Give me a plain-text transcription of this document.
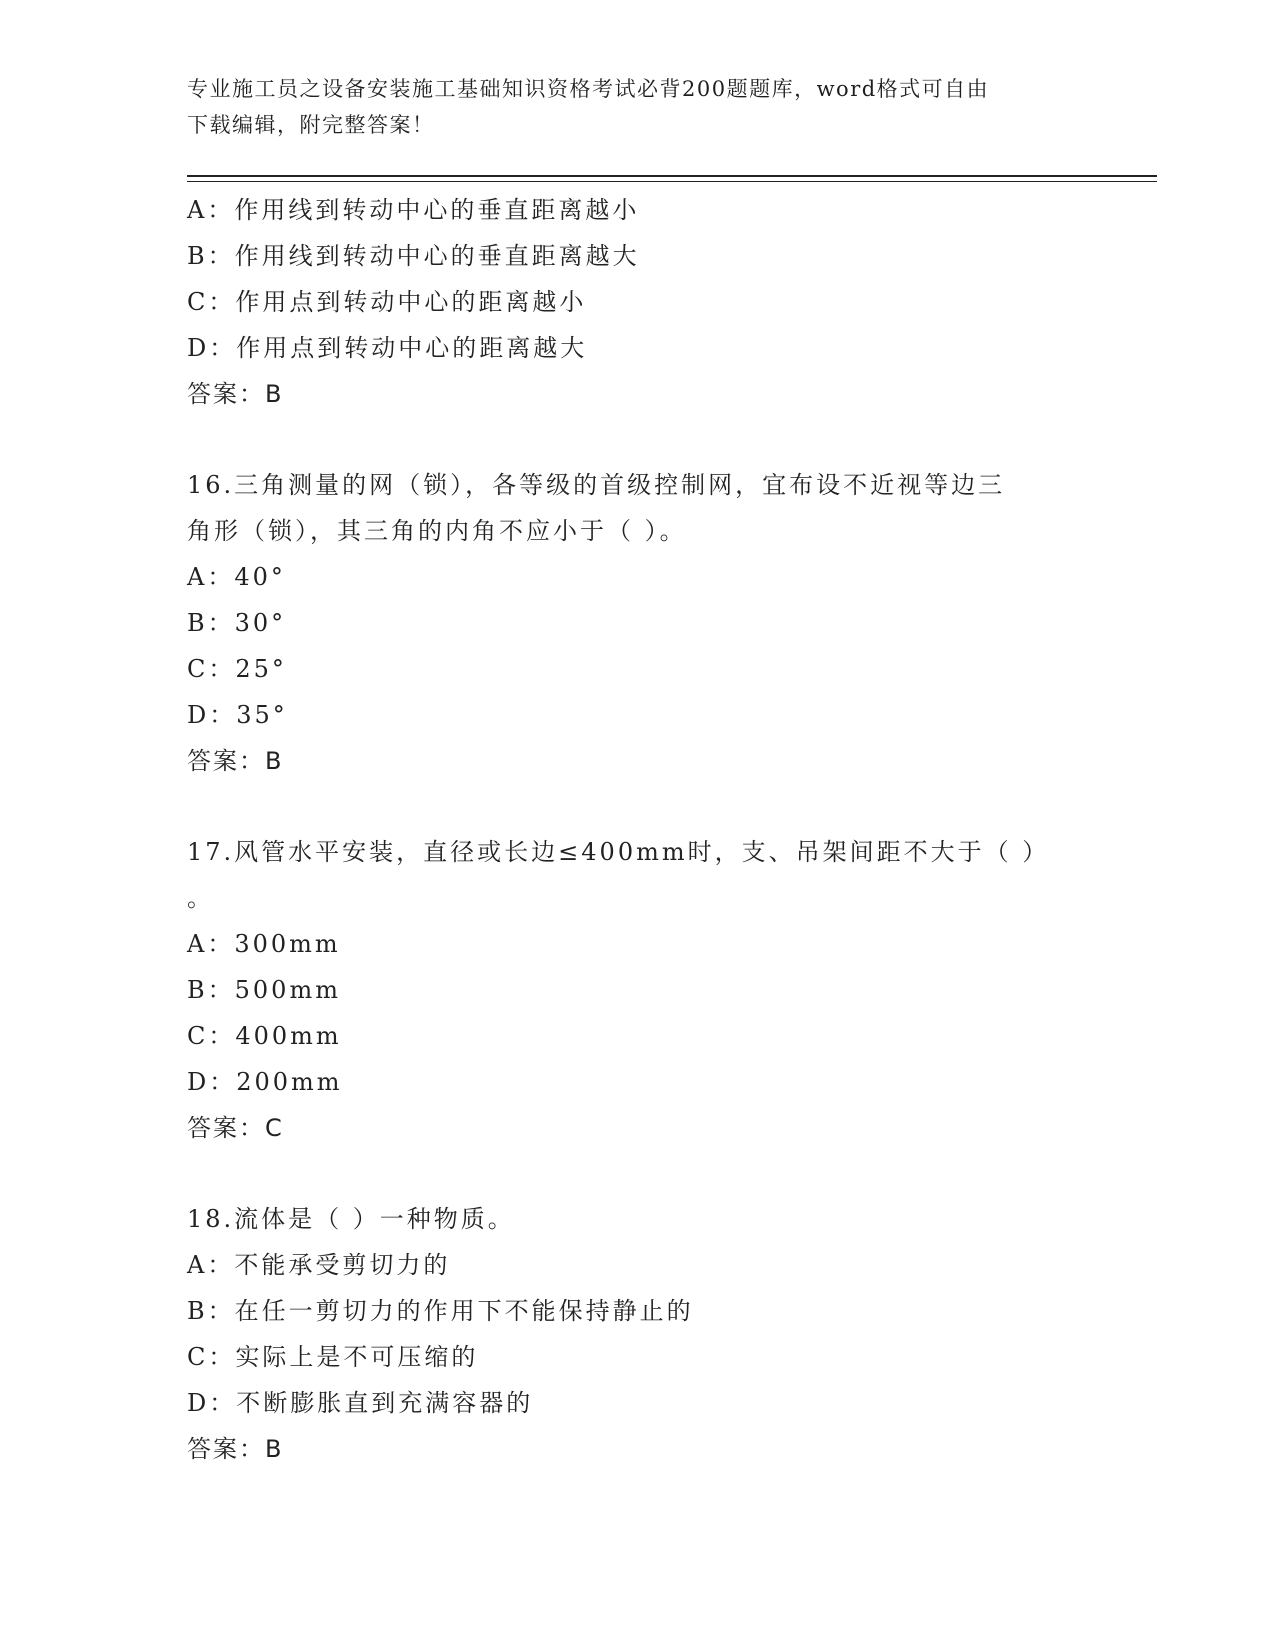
专业施工员之设备安装施工基础知识资格考试必背200题题库，word格式可自由
下载编辑，附完整答案！
A：作用线到转动中心的垂直距离越小
B：作用线到转动中心的垂直距离越大
C：作用点到转动中心的距离越小
D：作用点到转动中心的距离越大
答案：B
16.三角测量的网（锁），各等级的首级控制网，宜布设不近视等边三
角形（锁），其三角的内角不应小于（ ）。
A：40°
B：30°
C：25°
D：35°
答案：B
17.风管水平安装，直径或长边≤400mm时，支、吊架间距不大于（ ）
。
A：300mm
B：500mm
C：400mm
D：200mm
答案：C
18.流体是（ ）一种物质。
A：不能承受剪切力的
B：在任一剪切力的作用下不能保持静止的
C：实际上是不可压缩的
D：不断膨胀直到充满容器的
答案：B
